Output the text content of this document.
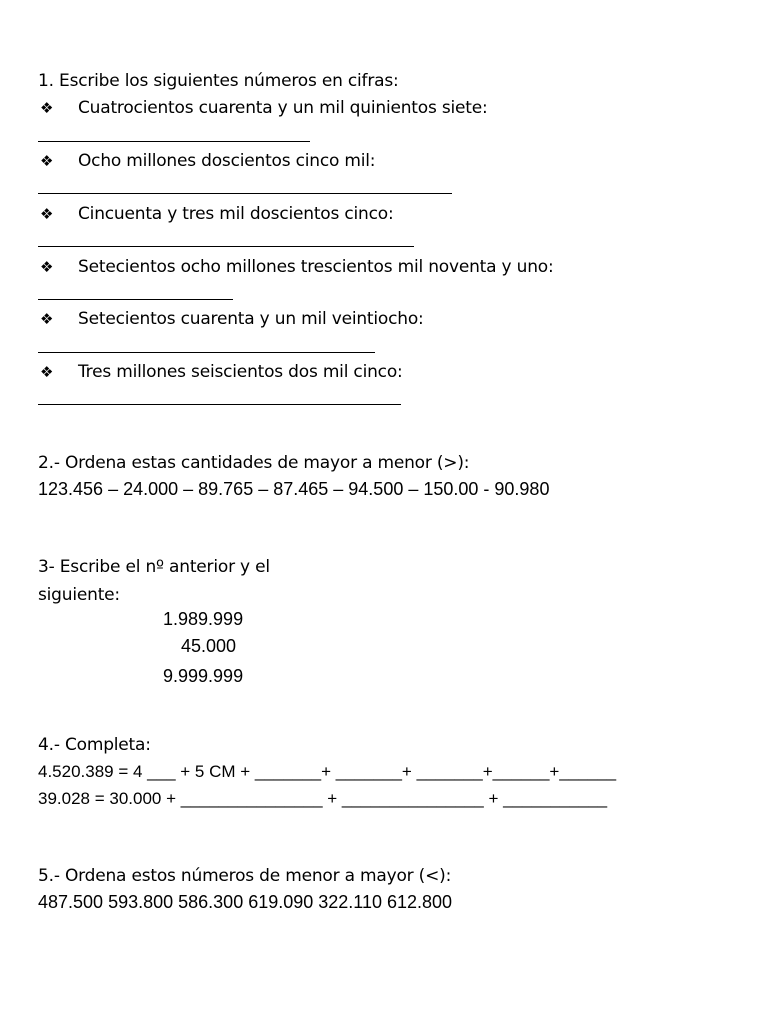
1. Escribe los siguientes números en cifras:
❖ Cuatrocientos cuarenta y un mil quinientos siete:
❖ Ocho millones doscientos cinco mil:
❖ Cincuenta y tres mil doscientos cinco:
❖ Setecientos ocho millones trescientos mil noventa y uno:
❖ Setecientos cuarenta y un mil veintiocho:
❖ Tres millones seiscientos dos mil cinco:
2.- Ordena estas cantidades de mayor a menor (>):
123.456 – 24.000 – 89.765 – 87.465 – 94.500 – 150.00 - 90.980
3- Escribe el nº anterior y el
siguiente:
1.989.999
45.000
9.999.999
4.- Completa:
4.520.389 = 4 ___ + 5 CM + _______+ _______+ _______+______+______
39.028 = 30.000 + _______________ + _______________ + ___________
5.- Ordena estos números de menor a mayor (<):
487.500 593.800 586.300 619.090 322.110 612.800
